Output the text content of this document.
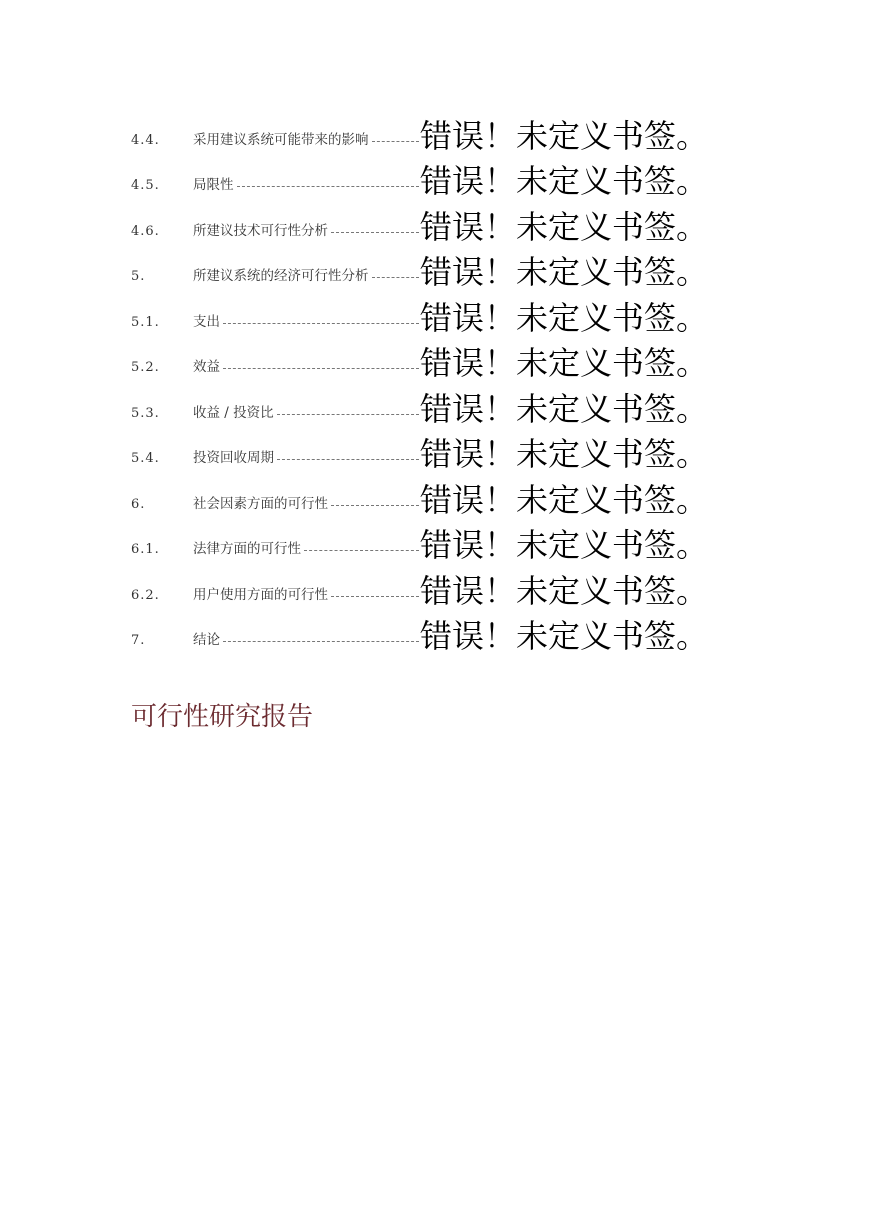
4.4. 采用建议系统可能带来的影响 错误！未定义书签。
4.5. 局限性	错误！未定义书签。
4.6. 所建议技术可行性分析	错误！未定义书签。
5.	所建议系统的经济可行性分析 错误！未定义书签。
5.1. 支出	错误！未定义书签。
5.2. 效益	错误！未定义书签。
5.3. 收益 / 投资比	错误！未定义书签。
5.4. 投资回收周期	错误！未定义书签。
6.	社会因素方面的可行性	错误！未定义书签。
6.1. 法律方面的可行性	错误！未定义书签。
6.2. 用户使用方面的可行性	错误！未定义书签。
7.	结论	错误！未定义书签。
可行性研究报告
